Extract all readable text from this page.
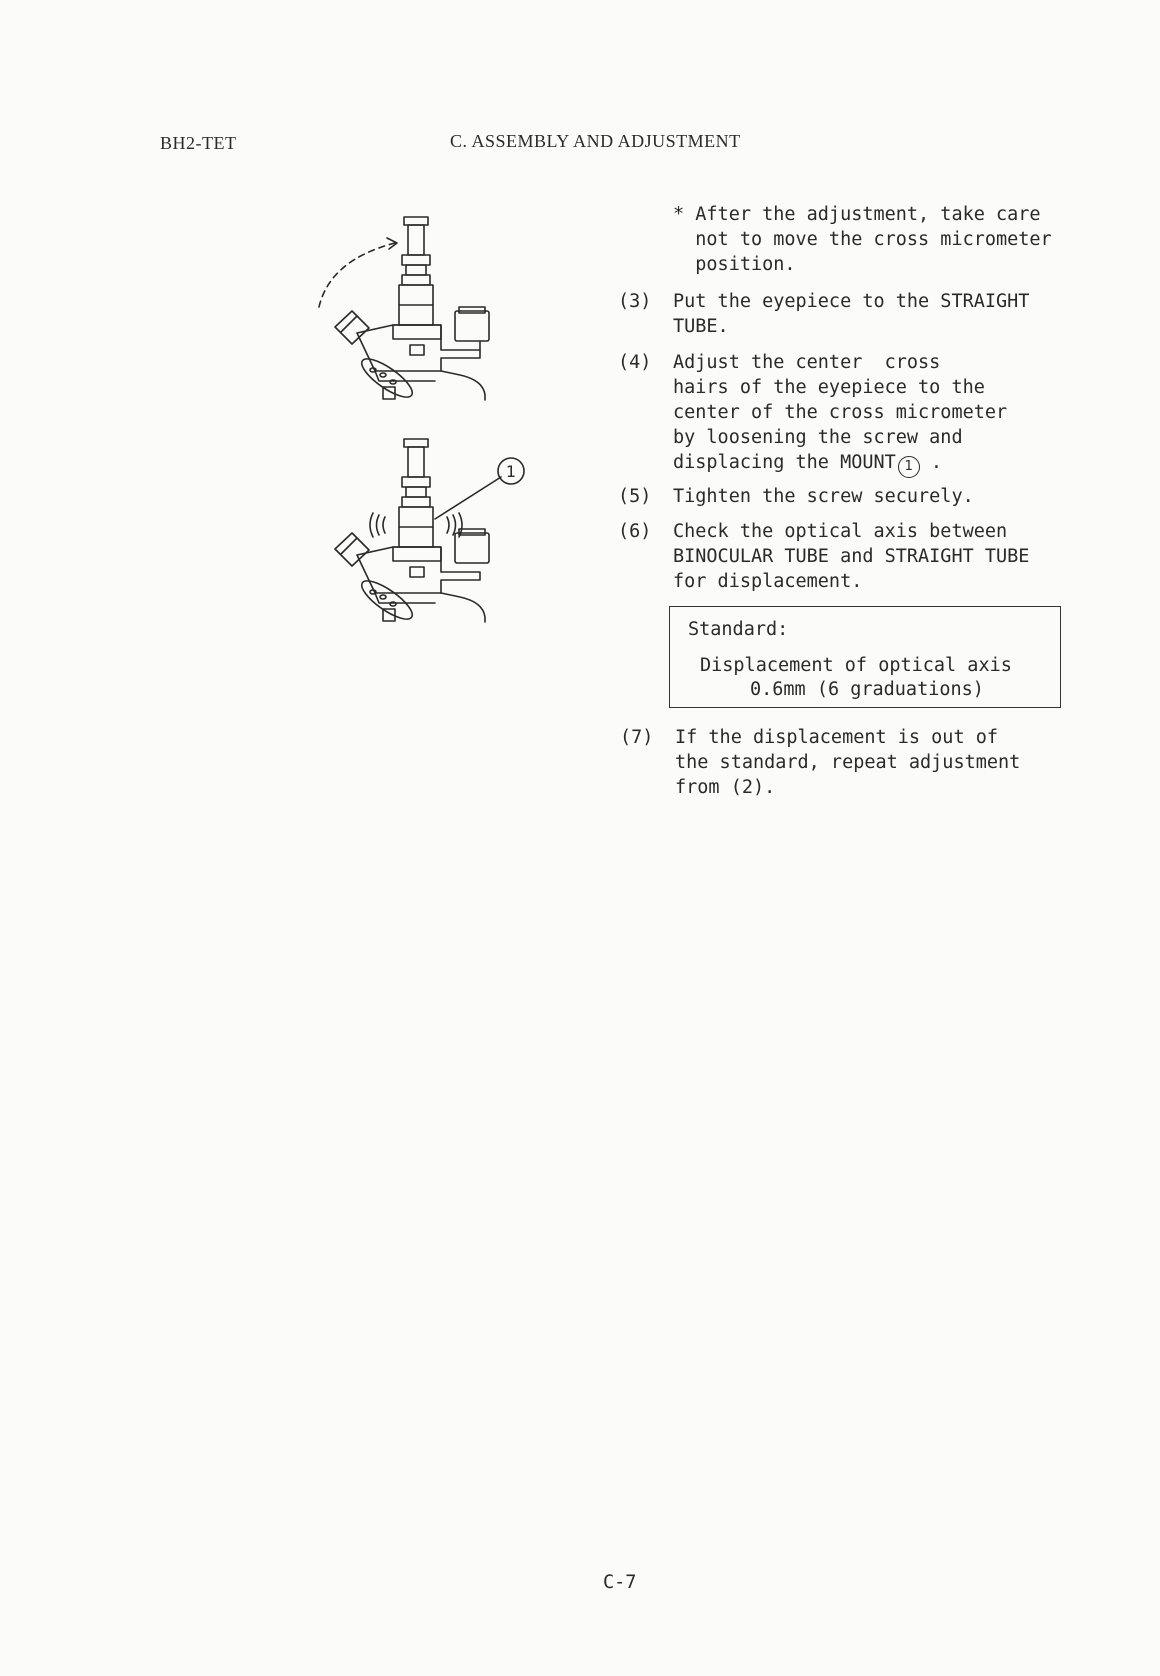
BH2-TET	C. ASSEMBLY AND ADJUSTMENT
1
* After the adjustment, take care
not to move the cross micrometer
position.
(3) Put the eyepiece to the STRAIGHT
TUBE.
(4) Adjust the center  cross
hairs of the eyepiece to the
center of the cross micrometer
by loosening the screw and
displacing the MOUNT 1 .
(5) Tighten the screw securely.
(6) Check the optical axis between
BINOCULAR TUBE and STRAIGHT TUBE
for displacement.
Standard:
Displacement of optical axis
0.6mm (6 graduations)
(7) If the displacement is out of
the standard, repeat adjustment
from (2).
C-7
